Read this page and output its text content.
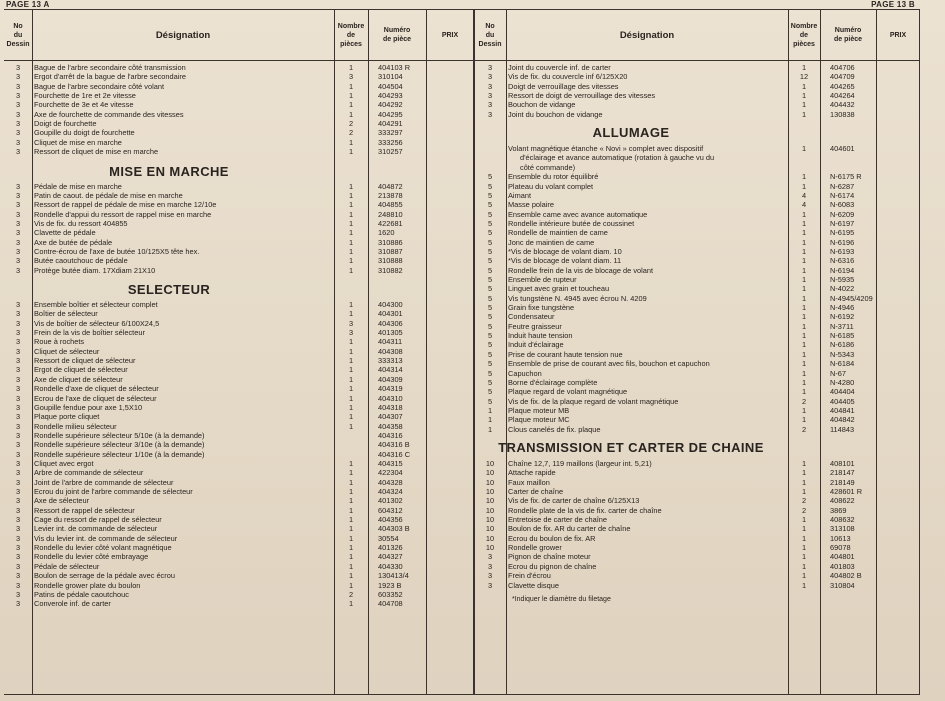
PAGE 13 A	PAGE 13 B
No
du
Dessin
Désignation
Nombre
de
pièces
Numéro
de pièce
PRIX
3	Bague de l'arbre secondaire côté transmission	1	404103 R
3	Ergot d'arrêt de la bague de l'arbre secondaire	3	310104
3	Bague de l'arbre secondaire côté volant	1	404504
3	Fourchette de 1re et 2e vitesse	1	404293
3	Fourchette de 3e et 4e vitesse	1	404292
3	Axe de fourchette de commande des vitesses	1	404295
3	Doigt de fourchette	2	404291
3	Goupille du doigt de fourchette	2	333297
3	Cliquet de mise en marche	1	333256
3	Ressort de cliquet de mise en marche	1	310257
MISE EN MARCHE
3	Pédale de mise en marche	1	404872
3	Patin de caout. de pédale de mise en marche	1	213878
3	Ressort de rappel de pédale de mise en marche 12/10e	1	404855
3	Rondelle d'appui du ressort de rappel mise en marche	1	248810
3	Vis de fix. du ressort 404855	1	422681
3	Clavette de pédale	1	1620
3	Axe de butée de pédale	1	310886
3	Contre-écrou de l'axe de butée 10/125X5 tête hex.	1	310887
3	Butée caoutchouc de pédale	1	310888
3	Protège butée diam. 17Xdiam 21X10	1	310882
SELECTEUR
3	Ensemble boîtier et sélecteur complet	1	404300
3	Boîtier de sélecteur	1	404301
3	Vis de boîtier de sélecteur 6/100X24,5	3	404306
3	Frein de la vis de boîtier sélecteur	3	401305
3	Roue à rochets	1	404311
3	Cliquet de sélecteur	1	404308
3	Ressort de cliquet de sélecteur	1	333313
3	Ergot de cliquet de sélecteur	1	404314
3	Axe de cliquet de sélecteur	1	404309
3	Rondelle d'axe de cliquet de sélecteur	1	404319
3	Ecrou de l'axe de cliquet de sélecteur	1	404310
3	Goupille fendue pour axe 1,5X10	1	404318
3	Plaque porte cliquet	1	404307
3	Rondelle milieu sélecteur	1	404358
3	Rondelle supérieure sélecteur 5/10e (à la demande)	404316
3	Rondelle supérieure sélecteur 3/10e (à la demande)	404316 B
3	Rondelle supérieure sélecteur 1/10e (à la demande)	404316 C
3	Cliquet avec ergot	1	404315
3	Arbre de commande de sélecteur	1	422304
3	Joint de l'arbre de commande de sélecteur	1	404328
3	Ecrou du joint de l'arbre commande de sélecteur	1	404324
3	Axe de sélecteur	1	401302
3	Ressort de rappel de sélecteur	1	604312
3	Cage du ressort de rappel de sélecteur	1	404356
3	Levier int. de commande de sélecteur	1	404303 B
3	Vis du levier int. de commande de sélecteur	1	30554
3	Rondelle du levier côté volant magnétique	1	401326
3	Rondelle du levier côté embrayage	1	404327
3	Pédale de sélecteur	1	404330
3	Boulon de serrage de la pédale avec écrou	1	130413/4
3	Rondelle grower plate du boulon	1	1923 B
3	Patins de pédale caoutchouc	2	603352
3	Converole inf. de carter	1	404708
No
du
Dessin
Désignation
Nombre
de
pièces
Numéro
de pièce
PRIX
3	Joint du couvercle inf. de carter	1	404706
3	Vis de fix. du couvercle inf 6/125X20	12	404709
3	Doigt de verrouillage des vitesses	1	404265
3	Ressort de doigt de verrouillage des vitesses	1	404264
3	Bouchon de vidange	1	404432
3	Joint du bouchon de vidange	1	130838
ALLUMAGE
Volant magnétique étanche « Novi » complet avec dispositif	1	404601
d'éclairage et avance automatique (rotation à gauche vu du
côté commande)
5	Ensemble du rotor équilibré	1	N-6175 R
5	Plateau du volant complet	1	N-6287
5	Aimant	4	N-6174
5	Masse polaire	4	N-6083
5	Ensemble came avec avance automatique	1	N-6209
5	Rondelle intérieure butée de coussinet	1	N-6197
5	Rondelle de maintien de came	1	N-6195
5	Jonc de maintien de came	1	N-6196
5	*Vis de blocage de volant diam. 10	1	N-6193
5	*Vis de blocage de volant diam. 11	1	N-6316
5	Rondelle frein de la vis de blocage de volant	1	N-6194
5	Ensemble de rupteur	1	N-5935
5	Linguet avec grain et toucheau	1	N-4022
5	Vis tungstène N. 4945 avec écrou N. 4209	1	N-4945/4209
5	Grain fixe tungstène	1	N-4946
5	Condensateur	1	N-6192
5	Feutre graisseur	1	N-3711
5	Induit haute tension	1	N-6185
5	Induit d'éclairage	1	N-6186
5	Prise de courant haute tension nue	1	N-5343
5	Ensemble de prise de courant avec fils, bouchon et capuchon	1	N-6184
5	Capuchon	1	N-67
5	Borne d'éclairage complète	1	N-4280
5	Plaque regard de volant magnétique	1	404404
5	Vis de fix. de la plaque regard de volant magnétique	2	404405
1	Plaque moteur MB	1	404841
1	Plaque moteur MC	1	404842
1	Clous canelés de fix. plaque	2	114843
TRANSMISSION ET CARTER DE CHAINE
10	Chaîne 12,7, 119 maillons (largeur int. 5,21)	1	408101
10	Attache rapide	1	218147
10	Faux maillon	1	218149
10	Carter de chaîne	1	428601 R
10	Vis de fix. de carter de chaîne 6/125X13	2	408622
10	Rondelle plate de la vis de fix. carter de chaîne	2	3869
10	Entretoise de carter de chaîne	1	408632
10	Boulon de fix. AR du carter de chaîne	1	313108
10	Ecrou du boulon de fix. AR	1	10613
10	Rondelle grower	1	69078
3	Pignon de chaîne moteur	1	404801
3	Ecrou du pignon de chaîne	1	401803
3	Frein d'écrou	1	404802 B
3	Clavette disque	1	310804
*Indiquer le diamètre du filetage
